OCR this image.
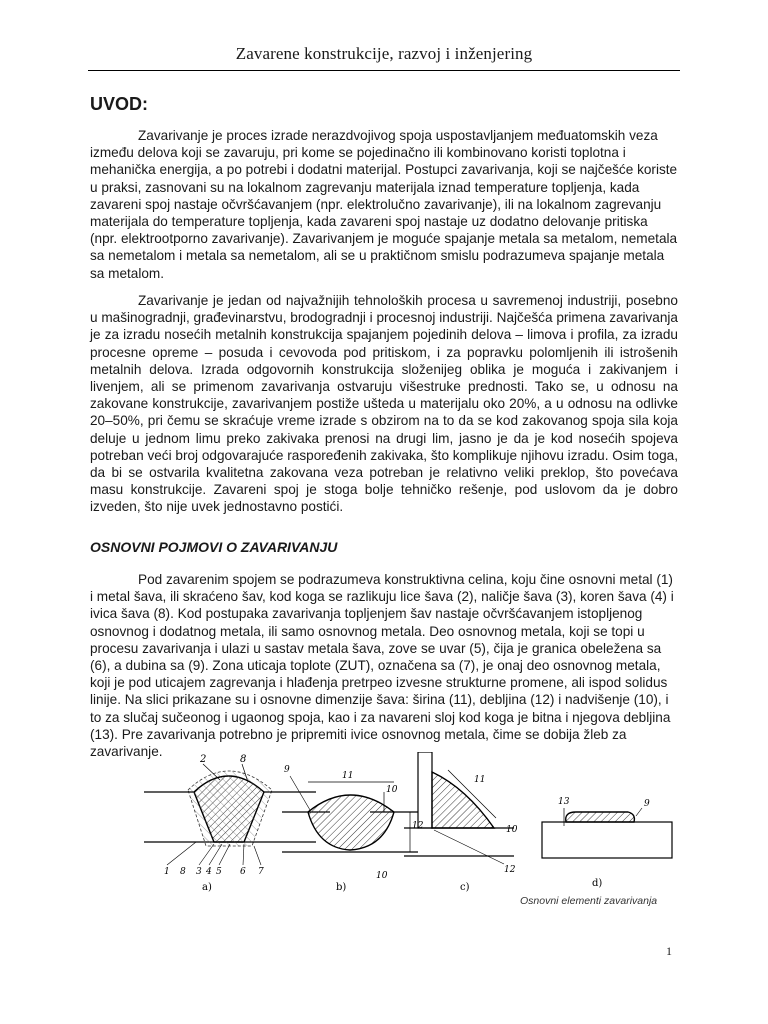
Zavarene konstrukcije, razvoj i inženjering
UVOD:

Zavarivanje je proces izrade nerazdvojivog spoja uspostavljanjem međuatomskih veza između delova koji se zavaruju, pri kome se pojedinačno ili kombinovano koristi toplotna i mehanička energija, a po potrebi i dodatni materijal. Postupci zavarivanja, koji se najčešće koriste u praksi, zasnovani su na lokalnom zagrevanju materijala iznad temperature topljenja, kada zavareni spoj nastaje očvršćavanjem (npr. elektrolučno zavarivanje), ili na lokalnom zagrevanju materijala do temperature topljenja, kada zavareni spoj nastaje uz dodatno delovanje pritiska (npr. elektrootporno zavarivanje). Zavarivanjem je moguće spajanje metala sa metalom, nemetala sa nemetalom i metala sa nemetalom, ali se u praktičnom smislu podrazumeva spajanje metala sa metalom.

Zavarivanje je jedan od najvažnijih tehnoloških procesa u savremenoj industriji, posebno u mašinogradnji, građevinarstvu, brodogradnji i procesnoj industriji. Najčešća primena zavarivanja je za izradu nosećih metalnih konstrukcija spajanjem pojedinih delova – limova i profila, za izradu procesne opreme – posuda i cevovoda pod pritiskom, i za popravku polomljenih ili istrošenih metalnih delova. Izrada odgovornih konstrukcija složenijeg oblika je moguća i zakivanjem i livenjem, ali se primenom zavarivanja ostvaruju višestruke prednosti. Tako se, u odnosu na zakovane konstrukcije, zavarivanjem postiže ušteda u materijalu oko 20%, a u odnosu na odlivke 20–50%, pri čemu se skraćuje vreme izrade s obzirom na to da se kod zakovanog spoja sila koja deluje u jednom limu preko zakivaka prenosi na drugi lim, jasno je da je kod nosećih spojeva potreban veći broj odgovarajuće raspoređenih zakivaka, što komplikuje njihovu izradu. Osim toga, da bi se ostvarila kvalitetna zakovana veza potreban je relativno veliki preklop, što povećava masu konstrukcije. Zavareni spoj je stoga bolje tehničko rešenje, pod uslovom da je dobro izveden, što nije uvek jednostavno postići.

OSNOVNI POJMOVI O ZAVARIVANJU

Pod zavarenim spojem se podrazumeva konstruktivna celina, koju čine osnovni metal (1) i metal šava, ili skraćeno šav, kod koga se razlikuju lice šava (2), naličje šava (3), koren šava (4) i ivica šava (8). Kod postupaka zavarivanja topljenjem šav nastaje očvršćavanjem istopljenog osnovnog i dodatnog metala, ili samo osnovnog metala. Deo osnovnog metala, koji se topi u procesu zavarivanja i ulazi u sastav metala šava, zove se uvar (5), čija je granica obeležena sa (6), a dubina sa (9). Zona uticaja toplote (ZUT), označena sa (7), je onaj deo osnovnog metala, koji je pod uticajem zagrevanja i hlađenja pretrpeo izvesne strukturne promene, ali ispod solidus linije. Na slici prikazane su i osnovne dimenzije šava: širina (11), debljina (12) i nadvišenje (10), i to za slučaj sučeonog i ugaonog spoja, kao i za navareni sloj kod koga je bitna i njegova debljina (13). Pre zavarivanja potrebno je pripremiti ivice osnovnog metala, čime se dobija žleb za zavarivanje.

2	8
1 8 3 4 5 6 7
a)
11
9
10
12
10
b)
11
10
12
c)
13	9
d)
Osnovni elementi zavarivanja
1
